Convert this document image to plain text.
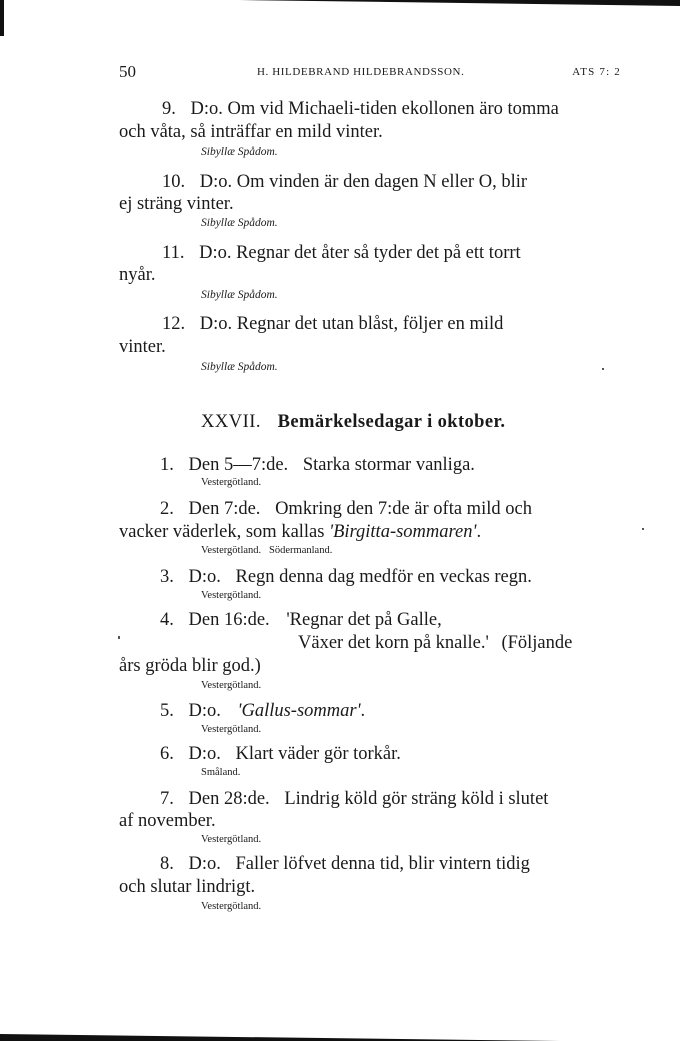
50	H. HILDEBRAND HILDEBRANDSSON.	ATS 7: 2
9. D:o. Om vid Michaeli-tiden ekollonen äro tomma
och våta, så inträffar en mild vinter.
Sibyllæ Spådom.
10. D:o. Om vinden är den dagen N eller O, blir
ej sträng vinter.
Sibyllæ Spådom.
11. D:o. Regnar det åter så tyder det på ett torrt
nyår.
Sibyllæ Spådom.
12. D:o. Regnar det utan blåst, följer en mild
vinter.
Sibyllæ Spådom.
XXVII. Bemärkelsedagar i oktober.
1. Den 5—7:de. Starka stormar vanliga.
Vestergötland.
2. Den 7:de. Omkring den 7:de är ofta mild och
vacker väderlek, som kallas 'Birgitta-sommaren'.
Vestergötland.   Södermanland.
3. D:o. Regn denna dag medför en veckas regn.
Vestergötland.
4. Den 16:de. 'Regnar det på Galle,
Växer det korn på knalle.' (Följande
års gröda blir god.)
Vestergötland.
5. D:o. 'Gallus-sommar'.
Vestergötland.
6. D:o. Klart väder gör torkår.
Småland.
7. Den 28:de. Lindrig köld gör sträng köld i slutet
af november.
Vestergötland.
8. D:o. Faller löfvet denna tid, blir vintern tidig
och slutar lindrigt.
Vestergötland.
